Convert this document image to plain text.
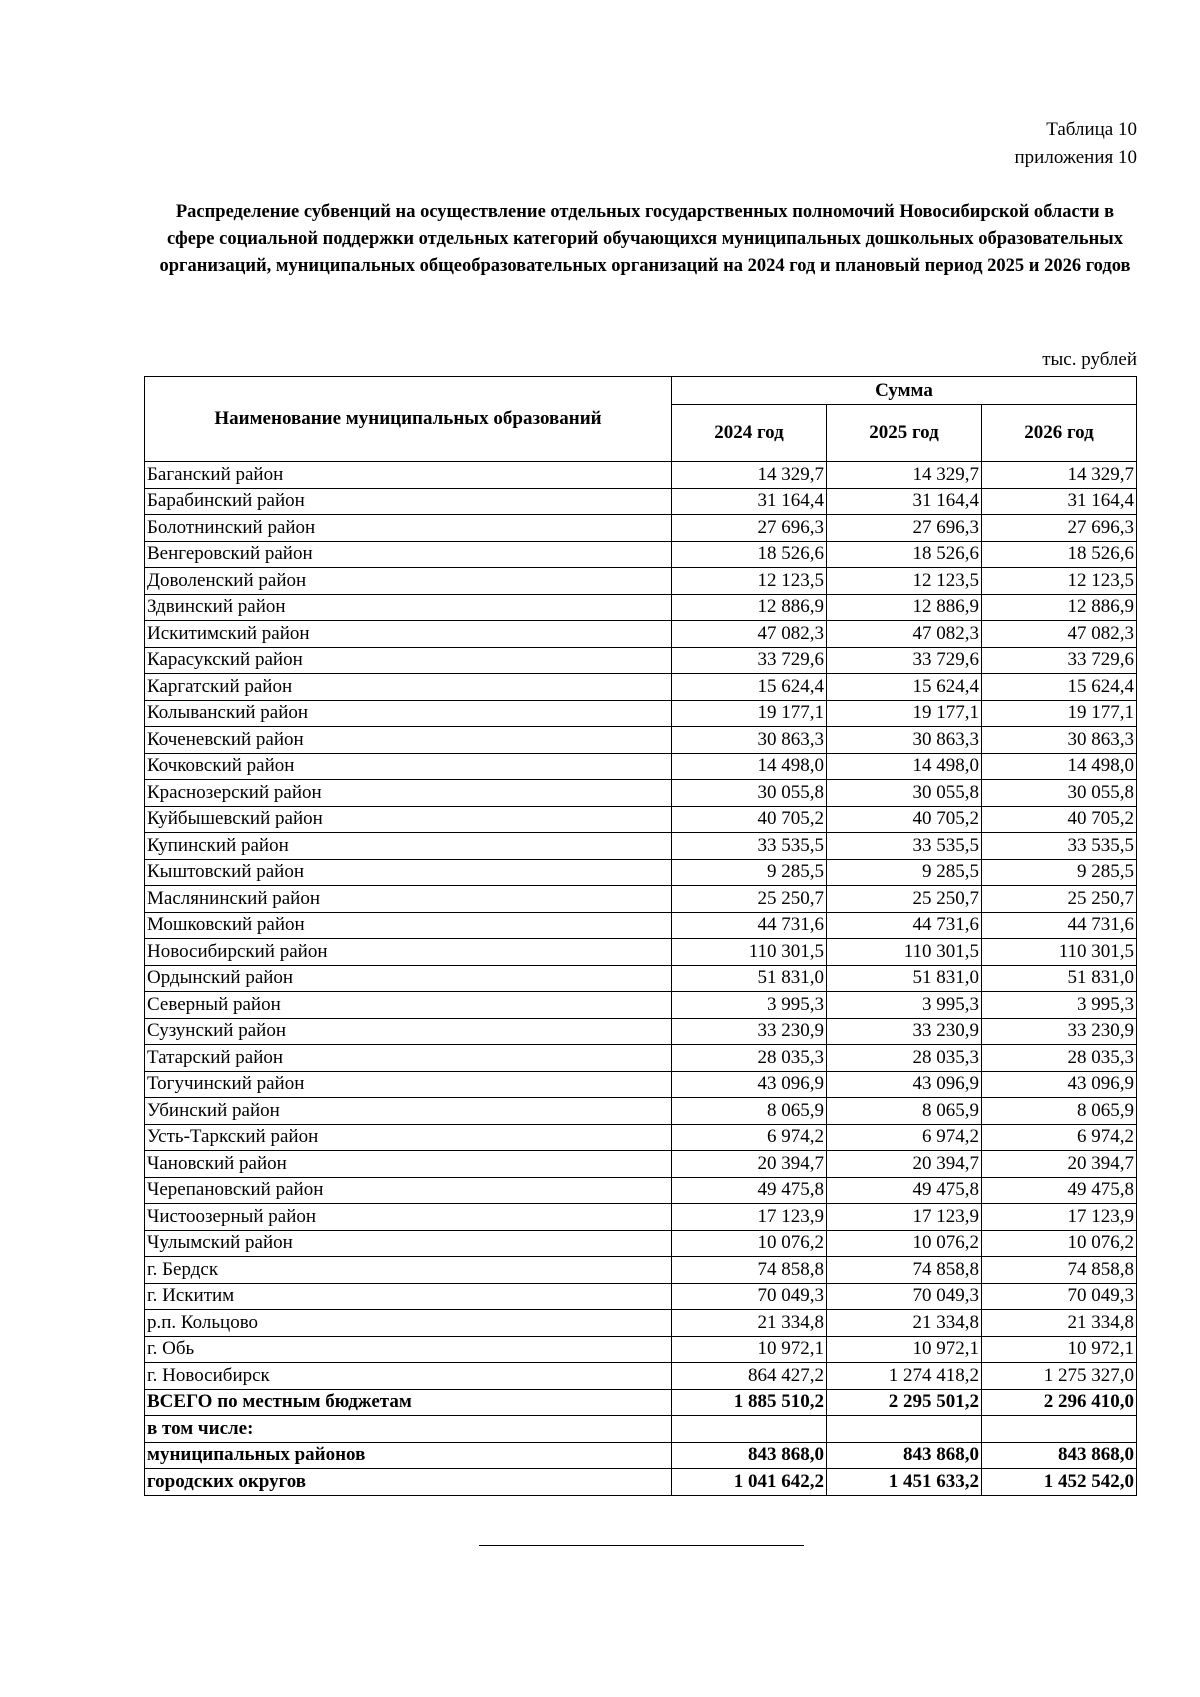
Таблица 10
приложения 10
Распределение субвенций на осуществление отдельных государственных полномочий Новосибирской области в сфере социальной поддержки отдельных категорий обучающихся муниципальных дошкольных образовательных организаций, муниципальных общеобразовательных организаций на 2024 год и плановый период 2025 и 2026 годов
тыс. рублей
Наименование муниципальных образований	Сумма		
	2024 год	2025 год	2026 год
Баганский район	14 329,7	14 329,7	14 329,7
Барабинский район	31 164,4	31 164,4	31 164,4
Болотнинский район	27 696,3	27 696,3	27 696,3
Венгеровский район	18 526,6	18 526,6	18 526,6
Доволенский район	12 123,5	12 123,5	12 123,5
Здвинский район	12 886,9	12 886,9	12 886,9
Искитимский район	47 082,3	47 082,3	47 082,3
Карасукский район	33 729,6	33 729,6	33 729,6
Каргатский район	15 624,4	15 624,4	15 624,4
Колыванский район	19 177,1	19 177,1	19 177,1
Коченевский район	30 863,3	30 863,3	30 863,3
Кочковский район	14 498,0	14 498,0	14 498,0
Краснозерский район	30 055,8	30 055,8	30 055,8
Куйбышевский район	40 705,2	40 705,2	40 705,2
Купинский район	33 535,5	33 535,5	33 535,5
Кыштовский район	9 285,5	9 285,5	9 285,5
Маслянинский район	25 250,7	25 250,7	25 250,7
Мошковский район	44 731,6	44 731,6	44 731,6
Новосибирский район	110 301,5	110 301,5	110 301,5
Ордынский район	51 831,0	51 831,0	51 831,0
Северный район	3 995,3	3 995,3	3 995,3
Сузунский район	33 230,9	33 230,9	33 230,9
Татарский район	28 035,3	28 035,3	28 035,3
Тогучинский район	43 096,9	43 096,9	43 096,9
Убинский район	8 065,9	8 065,9	8 065,9
Усть-Таркский район	6 974,2	6 974,2	6 974,2
Чановский район	20 394,7	20 394,7	20 394,7
Черепановский район	49 475,8	49 475,8	49 475,8
Чистоозерный район	17 123,9	17 123,9	17 123,9
Чулымский район	10 076,2	10 076,2	10 076,2
г. Бердск	74 858,8	74 858,8	74 858,8
г. Искитим	70 049,3	70 049,3	70 049,3
р.п. Кольцово	21 334,8	21 334,8	21 334,8
г. Обь	10 972,1	10 972,1	10 972,1
г. Новосибирск	864 427,2	1 274 418,2	1 275 327,0
ВСЕГО по местным бюджетам	1 885 510,2	2 295 501,2	2 296 410,0
в том числе:			
муниципальных районов	843 868,0	843 868,0	843 868,0
городских округов	1 041 642,2	1 451 633,2	1 452 542,0
